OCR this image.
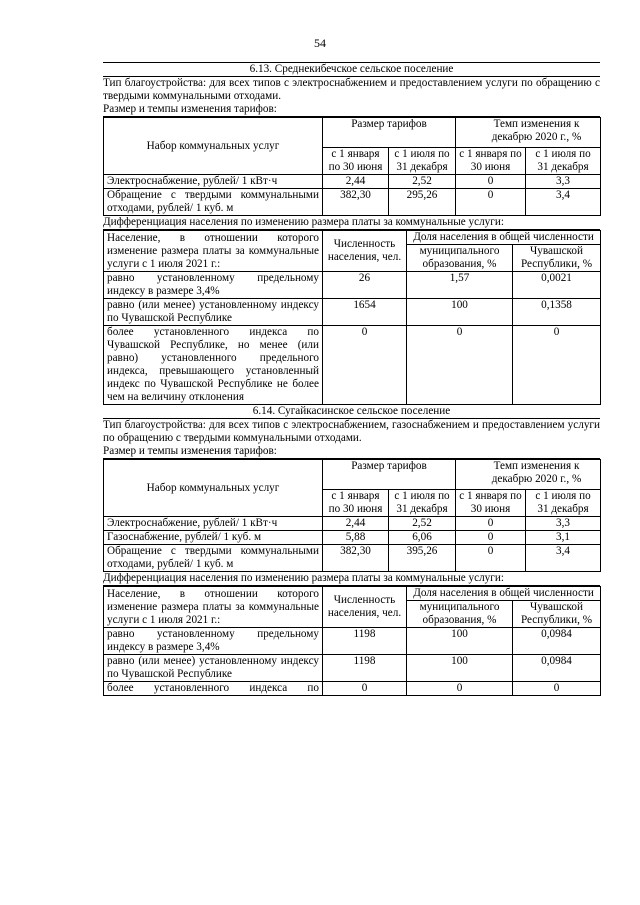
54
6.13. Среднекибечское сельское поселение
Тип благоустройства: для всех типов с электроснабжением и предоставлением услуги по обращению с твердыми коммунальными отходами.
Размер и темпы изменения тарифов:
Набор коммунальных услуг	Размер тарифов		Темп изменения к декабрю 2020 г., %	
	с 1 января по 30 июня	с 1 июля по 31 декабря	с 1 января по 30 июня	с 1 июля по 31 декабря
Электроснабжение, рублей/ 1 кВт·ч	2,44	2,52	0	3,3
Обращение с твердыми коммунальными отходами, рублей/ 1 куб. м	382,30	295,26	0	3,4
Дифференциация населения по изменению размера платы за коммунальные услуги:
Население, в отношении которого изменение размера платы за коммунальные услуги с 1 июля 2021 г.:	Численность населения, чел.	Доля населения в общей численности	
		муниципального образования, %	Чувашской Республики, %
равно установленному предельному индексу в размере 3,4%	26	1,57	0,0021
равно (или менее) установленному индексу по Чувашской Республике	1654	100	0,1358
более установленного индекса по Чувашской Республике, но менее (или равно) установленного предельного индекса, превышающего установленный индекс по Чувашской Республике не более чем на величину отклонения	0	0	0
6.14. Сугайкасинское сельское поселение
Тип благоустройства: для всех типов с электроснабжением, газоснабжением и предоставлением услуги по обращению с твердыми коммунальными отходами.
Размер и темпы изменения тарифов:
Набор коммунальных услуг	Размер тарифов		Темп изменения к декабрю 2020 г., %	
	с 1 января по 30 июня	с 1 июля по 31 декабря	с 1 января по 30 июня	с 1 июля по 31 декабря
Электроснабжение, рублей/ 1 кВт·ч	2,44	2,52	0	3,3
Газоснабжение, рублей/ 1 куб. м	5,88	6,06	0	3,1
Обращение с твердыми коммунальными отходами, рублей/ 1 куб. м	382,30	395,26	0	3,4
Дифференциация населения по изменению размера платы за коммунальные услуги:
Население, в отношении которого изменение размера платы за коммунальные услуги с 1 июля 2021 г.:	Численность населения, чел.	Доля населения в общей численности	
		муниципального образования, %	Чувашской Республики, %
равно установленному предельному индексу в размере 3,4%	1198	100	0,0984
равно (или менее) установленному индексу по Чувашской Республике	1198	100	0,0984
более установленного индекса по	0	0	0
